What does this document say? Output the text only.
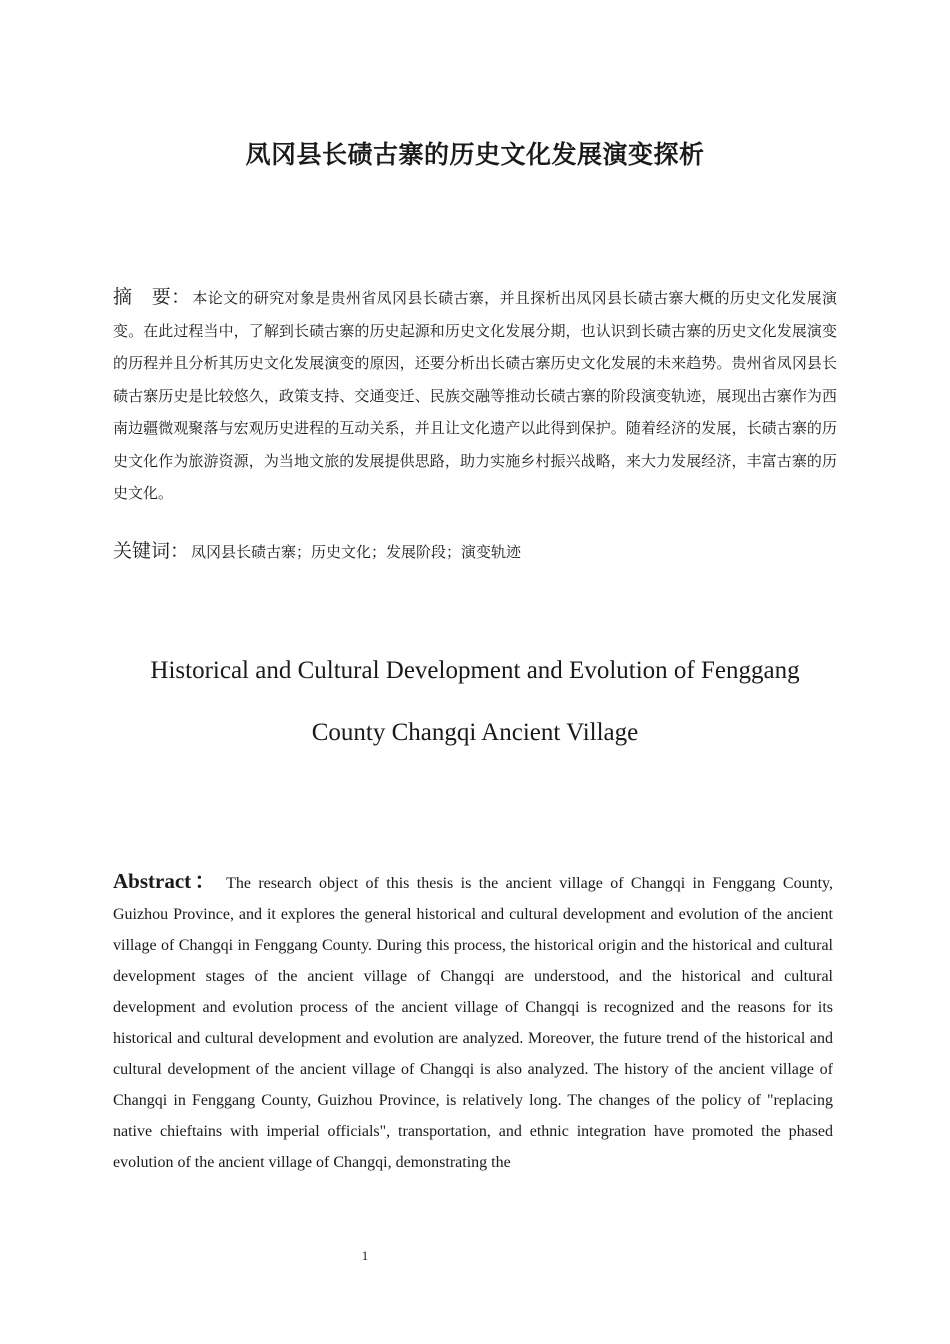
凤冈县长碛古寨的历史文化发展演变探析
摘　要： 本论文的研究对象是贵州省凤冈县长碛古寨，并且探析出凤冈县长碛古寨大概的历史文化发展演变。在此过程当中，了解到长碛古寨的历史起源和历史文化发展分期，也认识到长碛古寨的历史文化发展演变的历程并且分析其历史文化发展演变的原因，还要分析出长碛古寨历史文化发展的未来趋势。贵州省凤冈县长碛古寨历史是比较悠久，政策支持、交通变迁、民族交融等推动长碛古寨的阶段演变轨迹，展现出古寨作为西南边疆微观聚落与宏观历史进程的互动关系，并且让文化遗产以此得到保护。随着经济的发展，长碛古寨的历史文化作为旅游资源，为当地文旅的发展提供思路，助力实施乡村振兴战略，来大力发展经济，丰富古寨的历史文化。
关键词： 凤冈县长碛古寨；历史文化；发展阶段；演变轨迹
Historical and Cultural Development and Evolution of Fenggang County Changqi Ancient Village
Abstract： The research object of this thesis is the ancient village of Changqi in Fenggang County, Guizhou Province, and it explores the general historical and cultural development and evolution of the ancient village of Changqi in Fenggang County. During this process, the historical origin and the historical and cultural development stages of the ancient village of Changqi are understood, and the historical and cultural development and evolution process of the ancient village of Changqi is recognized and the reasons for its historical and cultural development and evolution are analyzed. Moreover, the future trend of the historical and cultural development of the ancient village of Changqi is also analyzed. The history of the ancient village of Changqi in Fenggang County, Guizhou Province, is relatively long. The changes of the policy of "replacing native chieftains with imperial officials", transportation, and ethnic integration have promoted the phased evolution of the ancient village of Changqi, demonstrating the
1
